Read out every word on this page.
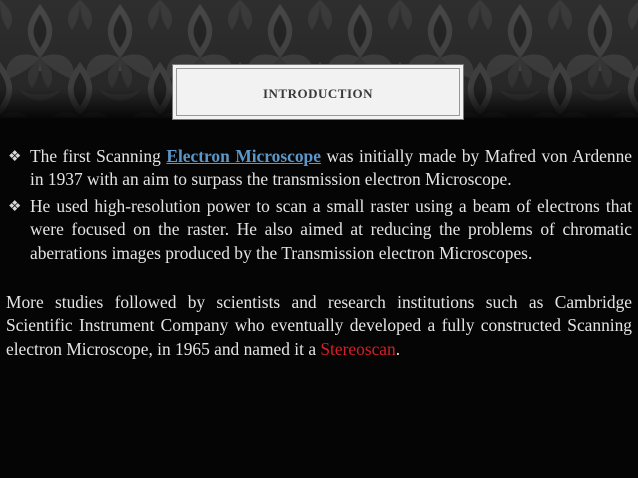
INTRODUCTION
❖ The first Scanning Electron Microscope was initially made by Mafred von Ardenne in 1937 with an aim to surpass the transmission electron Microscope.
❖ He used high-resolution power to scan a small raster using a beam of electrons that were focused on the raster. He also aimed at reducing the problems of chromatic aberrations images produced by the Transmission electron Microscopes.
More studies followed by scientists and research institutions such as Cambridge Scientific Instrument Company who eventually developed a fully constructed Scanning electron Microscope, in 1965 and named it a Stereoscan.
